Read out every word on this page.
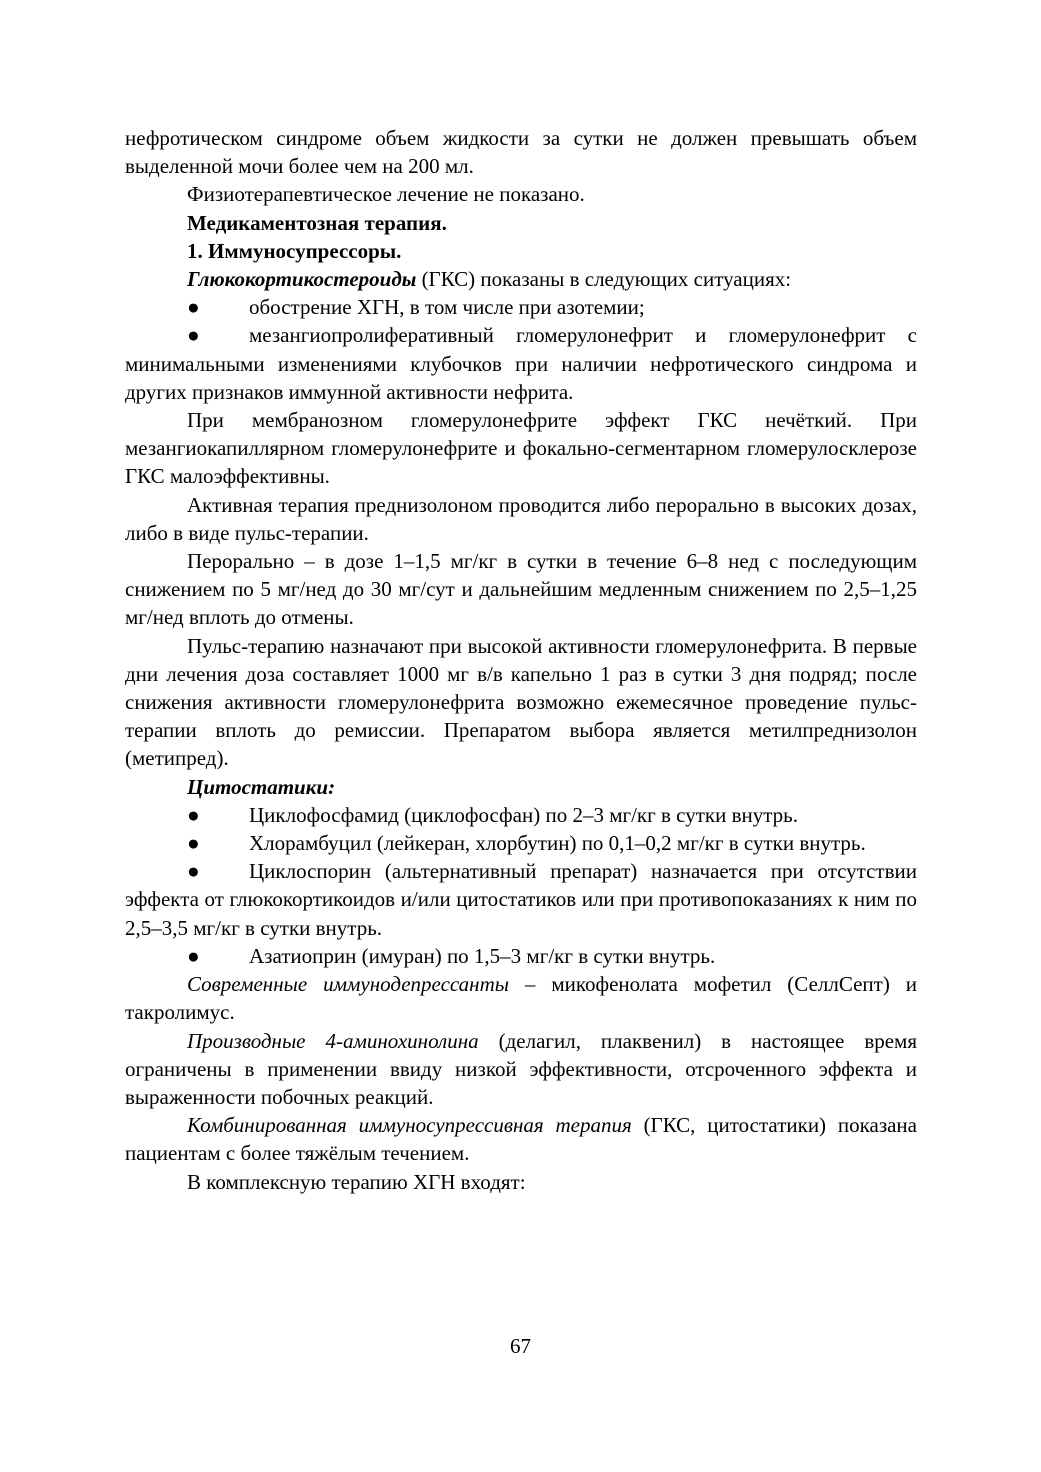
нефротическом синдроме объем жидкости за сутки не должен превышать объем выделенной мочи более чем на 200 мл.

Физиотерапевтическое лечение не показано.

Медикаментозная терапия.

1. Иммуносупрессоры.

Глюкокортикостероиды (ГКС) показаны в следующих ситуациях:

● обострение ХГН, в том числе при азотемии;

● мезангиопролиферативный гломерулонефрит и гломерулонефрит с минимальными изменениями клубочков при наличии нефротического синдрома и других признаков иммунной активности нефрита.

При мембранозном гломерулонефрите эффект ГКС нечёткий. При мезангиокапиллярном гломерулонефрите и фокально-сегментарном гломерулосклерозе ГКС малоэффективны.

Активная терапия преднизолоном проводится либо перорально в высоких дозах, либо в виде пульс-терапии.

Перорально – в дозе 1–1,5 мг/кг в сутки в течение 6–8 нед с последующим снижением по 5 мг/нед до 30 мг/сут и дальнейшим медленным снижением по 2,5–1,25 мг/нед вплоть до отмены.

Пульс-терапию назначают при высокой активности гломерулонефрита. В первые дни лечения доза составляет 1000 мг в/в капельно 1 раз в сутки 3 дня подряд; после снижения активности гломерулонефрита возможно ежемесячное проведение пульс-терапии вплоть до ремиссии. Препаратом выбора является метилпреднизолон (метипред).

Цитостатики:

● Циклофосфамид (циклофосфан) по 2–3 мг/кг в сутки внутрь.

● Хлорамбуцил (лейкеран, хлорбутин) по 0,1–0,2 мг/кг в сутки внутрь.

● Циклоспорин (альтернативный препарат) назначается при отсутствии эффекта от глюкокортикоидов и/или цитостатиков или при противопоказаниях к ним по 2,5–3,5 мг/кг в сутки внутрь.

● Азатиоприн (имуран) по 1,5–3 мг/кг в сутки внутрь.

Современные иммунодепрессанты – микофенолата мофетил (СеллСепт) и такролимус.

Производные 4-аминохинолина (делагил, плаквенил) в настоящее время ограничены в применении ввиду низкой эффективности, отсроченного эффекта и выраженности побочных реакций.

Комбинированная иммуносупрессивная терапия (ГКС, цитостатики) показана пациентам с более тяжёлым течением.

В комплексную терапию ХГН входят:

67
